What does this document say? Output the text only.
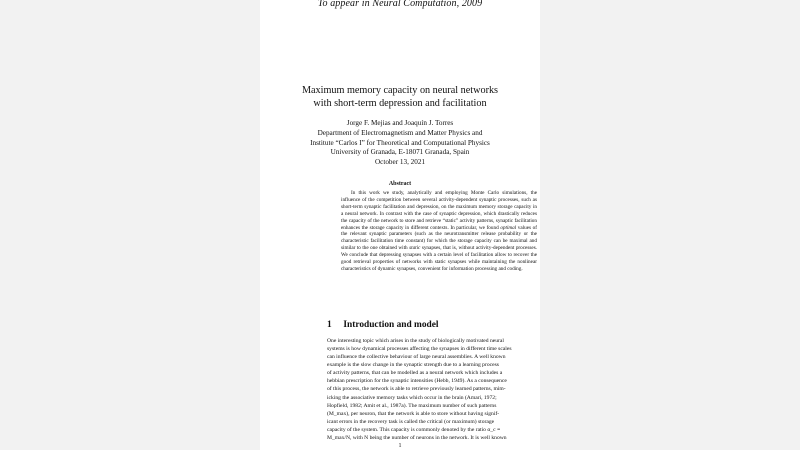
To appear in Neural Computation, 2009
Maximum memory capacity on neural networks
with short-term depression and facilitation
Jorge F. Mejias and Joaquín J. Torres
Department of Electromagnetism and Matter Physics and
Institute “Carlos I” for Theoretical and Computational Physics
University of Granada, E-18071 Granada, Spain
October 13, 2021
Abstract
In this work we study, analytically and employing Monte Carlo simulations, the influence of the competition between several activity-dependent synaptic processes, such as short-term synaptic facilitation and depression, on the maximum memory storage capacity in a neural network. In contrast with the case of synaptic depression, which drastically reduces the capacity of the network to store and retrieve “static” activity patterns, synaptic facilitation enhances the storage capacity in different contexts. In particular, we found optimal values of the relevant synaptic parameters (such as the neurotransmitter release probability or the characteristic facilitation time constant) for which the storage capacity can be maximal and similar to the one obtained with static synapses, that is, without activity-dependent processes. We conclude that depressing synapses with a certain level of facilitation allow to recover the good retrieval properties of networks with static synapses while maintaining the nonlinear characteristics of dynamic synapses, convenient for information processing and coding.
1 Introduction and model
One interesting topic which arises in the study of biologically motivated neural
systems is how dynamical processes affecting the synapses in different time scales
can influence the collective behaviour of large neural assemblies. A well known
example is the slow change in the synaptic strength due to a learning process
of activity patterns, that can be modelled as a neural network which includes a
hebbian prescription for the synaptic intensities (Hebb, 1949). As a consequence
of this process, the network is able to retrieve previously learned patterns, mim-
icking the associative memory tasks which occur in the brain (Amari, 1972;
Hopfield, 1982; Amit et al., 1987a). The maximum number of such patterns
(M_max), per neuron, that the network is able to store without having signif-
icant errors in the recovery task is called the critical (or maximum) storage
capacity of the system. This capacity is commonly denoted by the ratio α_c ≡
M_max/N, with N being the number of neurons in the network. It is well known
1
